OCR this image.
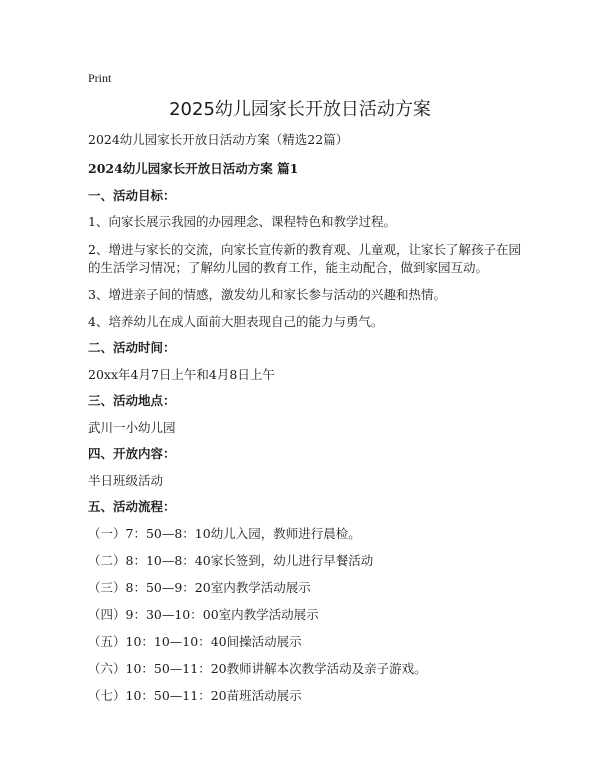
Print
2025幼儿园家长开放日活动方案
2024幼儿园家长开放日活动方案（精选22篇）
2024幼儿园家长开放日活动方案 篇1
一、活动目标：
1、向家长展示我园的办园理念、课程特色和教学过程。
2、增进与家长的交流，向家长宣传新的教育观、儿童观，让家长了解孩子在园的生活学习情况；了解幼儿园的教育工作，能主动配合，做到家园互动。
3、增进亲子间的情感，激发幼儿和家长参与活动的兴趣和热情。
4、培养幼儿在成人面前大胆表现自己的能力与勇气。
二、活动时间：
20xx年4月7日上午和4月8日上午
三、活动地点：
武川一小幼儿园
四、开放内容：
半日班级活动
五、活动流程：
（一）7：50—8：10幼儿入园，教师进行晨检。
（二）8：10—8：40家长签到，幼儿进行早餐活动
（三）8：50—9：20室内教学活动展示
（四）9：30—10：00室内教学活动展示
（五）10：10—10：40间操活动展示
（六）10：50—11：20教师讲解本次教学活动及亲子游戏。
（七）10：50—11：20苗班活动展示
